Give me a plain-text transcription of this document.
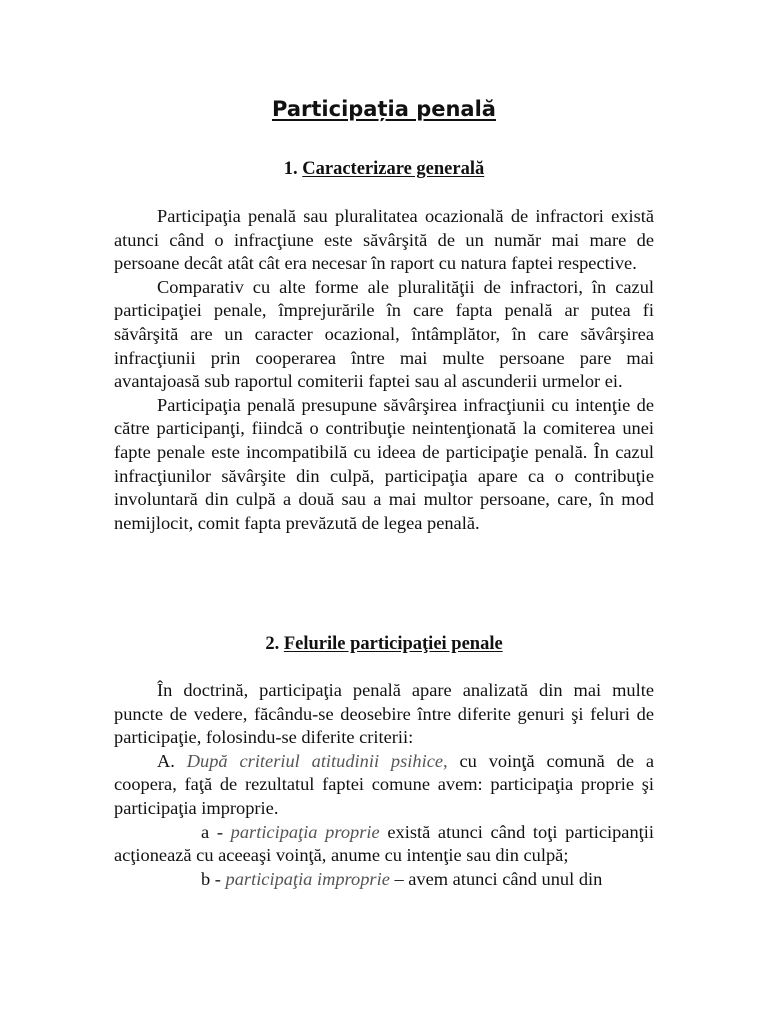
Participația penală
1. Caracterizare generală

Participaţia penală sau pluralitatea ocazională de infractori există atunci când o infracţiune este săvârşită de un număr mai mare de persoane decât atât cât era necesar în raport cu natura faptei respective.

Comparativ cu alte forme ale pluralităţii de infractori, în cazul participaţiei penale, împrejurările în care fapta penală ar putea fi săvârşită are un caracter ocazional, întâmplător, în care săvârşirea infracţiunii prin cooperarea între mai multe persoane pare mai avantajoasă sub raportul comiterii faptei sau al ascunderii urmelor ei.

Participaţia penală presupune săvârşirea infracţiunii cu intenţie de către participanţi, fiindcă o contribuţie neintenţionată la comiterea unei fapte penale este incompatibilă cu ideea de participaţie penală. În cazul infracţiunilor săvârşite din culpă, participaţia apare ca o contribuţie involuntară din culpă a două sau a mai multor persoane, care, în mod nemijlocit, comit fapta prevăzută de legea penală.

2. Felurile participaţiei penale

În doctrină, participaţia penală apare analizată din mai multe puncte de vedere, făcându-se deosebire între diferite genuri şi feluri de participaţie, folosindu-se diferite criterii:

A. După criteriul atitudinii psihice, cu voinţă comună de a coopera, faţă de rezultatul faptei comune avem: participaţia proprie şi participaţia improprie.

a - participaţia proprie există atunci când toţi participanţii acţionează cu aceeaşi voinţă, anume cu intenţie sau din culpă;

b - participaţia improprie – avem atunci când unul din
